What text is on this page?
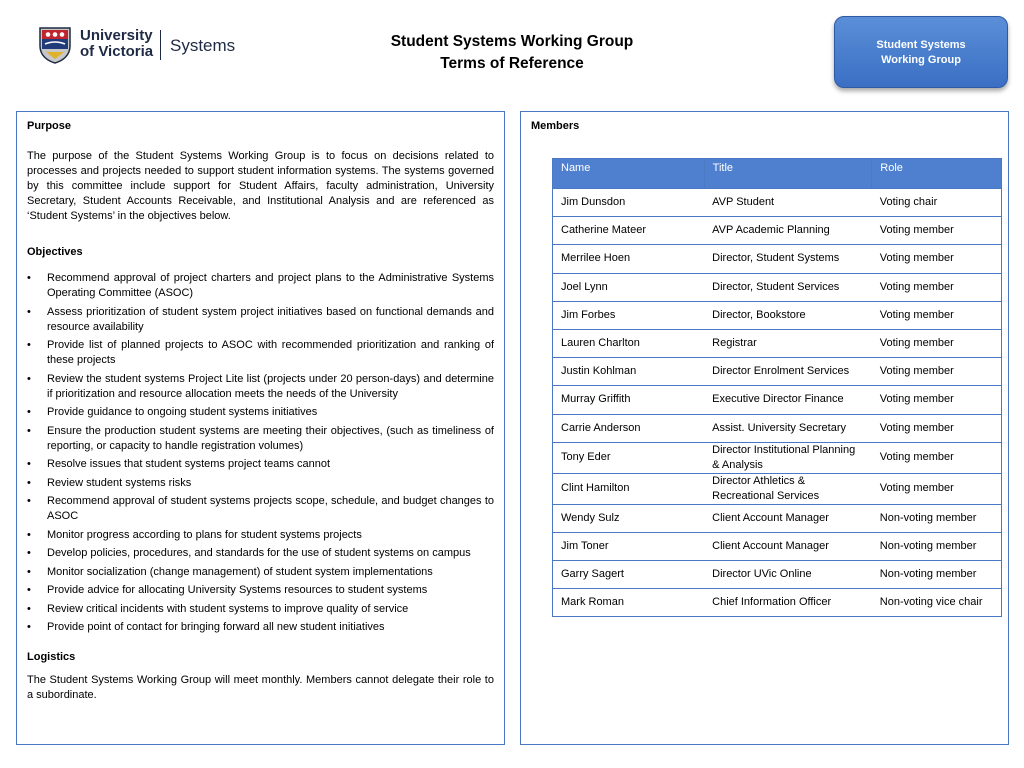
University
of Victoria Systems	Student Systems Working Group
Terms of Reference
Student Systems
Working Group
Purpose
The purpose of the Student Systems Working Group is to focus on decisions related to processes and projects needed to support student information systems. The systems governed by this committee include support for Student Affairs, faculty administration, University Secretary, Student Accounts Receivable, and Institutional Analysis and are referenced as ‘Student Systems’ in the objectives below.
Objectives
• Recommend approval of project charters and project plans to the Administrative Systems Operating Committee (ASOC)
• Assess prioritization of student system project initiatives based on functional demands and resource availability
• Provide list of planned projects to ASOC with recommended prioritization and ranking of these projects
• Review the student systems Project Lite list (projects under 20 person-days) and determine if prioritization and resource allocation meets the needs of the University
• Provide guidance to ongoing student systems initiatives
• Ensure the production student systems are meeting their objectives, (such as timeliness of reporting, or capacity to handle registration volumes)
• Resolve issues that student systems project teams cannot
• Review student systems risks
• Recommend approval of student systems projects scope, schedule, and budget changes to ASOC
• Monitor progress according to plans for student systems projects
• Develop policies, procedures, and standards for the use of student systems on campus
• Monitor socialization (change management) of student system implementations
• Provide advice for allocating University Systems resources to student systems
• Review critical incidents with student systems to improve quality of service
• Provide point of contact for bringing forward all new student initiatives
Logistics
The Student Systems Working Group will meet monthly. Members cannot delegate their role to a subordinate.
Members
Name	Title	Role
Jim Dunsdon	AVP Student	Voting chair
Catherine Mateer	AVP Academic Planning	Voting member
Merrilee Hoen	Director, Student Systems	Voting member
Joel Lynn	Director, Student Services	Voting member
Jim Forbes	Director, Bookstore	Voting member
Lauren Charlton	Registrar	Voting member
Justin Kohlman	Director Enrolment Services	Voting member
Murray Griffith	Executive Director Finance	Voting member
Carrie Anderson	Assist. University Secretary	Voting member
Tony Eder	Director Institutional Planning & Analysis	Voting member
Clint Hamilton	Director Athletics & Recreational Services	Voting member
Wendy Sulz	Client Account Manager	Non-voting member
Jim Toner	Client Account Manager	Non-voting member
Garry Sagert	Director UVic Online	Non-voting member
Mark Roman	Chief Information Officer	Non-voting vice chair
